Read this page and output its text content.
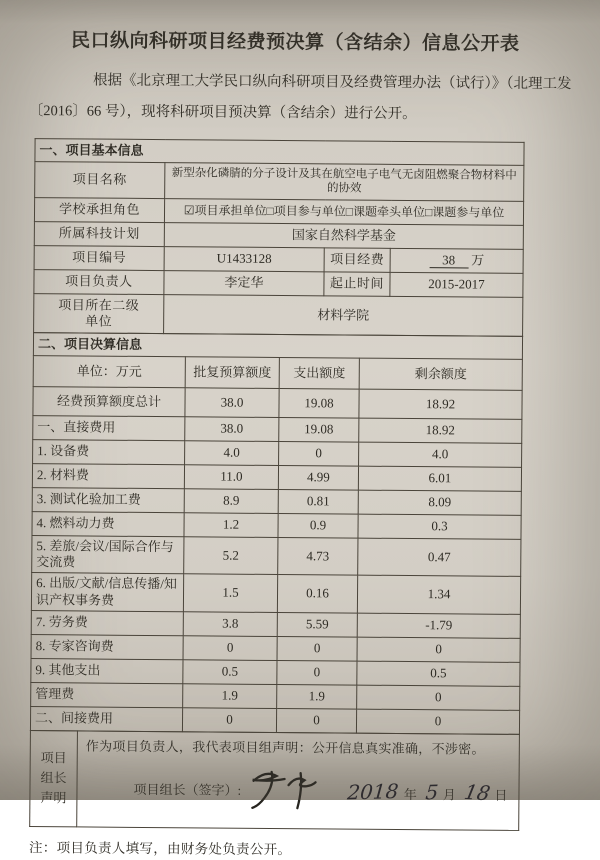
民口纵向科研项目经费预决算（含结余）信息公开表
根据《北京理工大学民口纵向科研项目及经费管理办法（试行）》（北理工发
〔2016〕66 号），现将科研项目预决算（含结余）进行公开。
一、项目基本信息			
项目名称	新型杂化磷腈的分子设计及其在航空电子电气无卤阻燃聚合物材料中的协效		
学校承担角色	☑项目承担单位□项目参与单位□课题牵头单位□课题参与单位		
所属科技计划	国家自然科学基金		
项目编号	U1433128	项目经费	38 万
项目负责人	李定华	起止时间	2015-2017
项目所在二级
单位	材料学院		
二、项目决算信息			
单位：万元	批复预算额度	支出额度	剩余额度
经费预算额度总计	38.0	19.08	18.92
一、直接费用	38.0	19.08	18.92
1. 设备费	4.0	0	4.0
2. 材料费	11.0	4.99	6.01
3. 测试化验加工费	8.9	0.81	8.09
4. 燃料动力费	1.2	0.9	0.3
5. 差旅/会议/国际合作与交流费	5.2	4.73	0.47
6. 出版/文献/信息传播/知识产权事务费	1.5	0.16	1.34
7. 劳务费	3.8	5.59	-1.79
8. 专家咨询费	0	0	0
9. 其他支出	0.5	0	0.5
管理费	1.9	1.9	0
二、间接费用	0	0	0
项目
组长
声明	
作为项目负责人，我代表项目组声明：公开信息真实准确，不涉密。
项目组长（签字）:	2018 年 5 月 18 日
注：项目负责人填写，由财务处负责公开。
